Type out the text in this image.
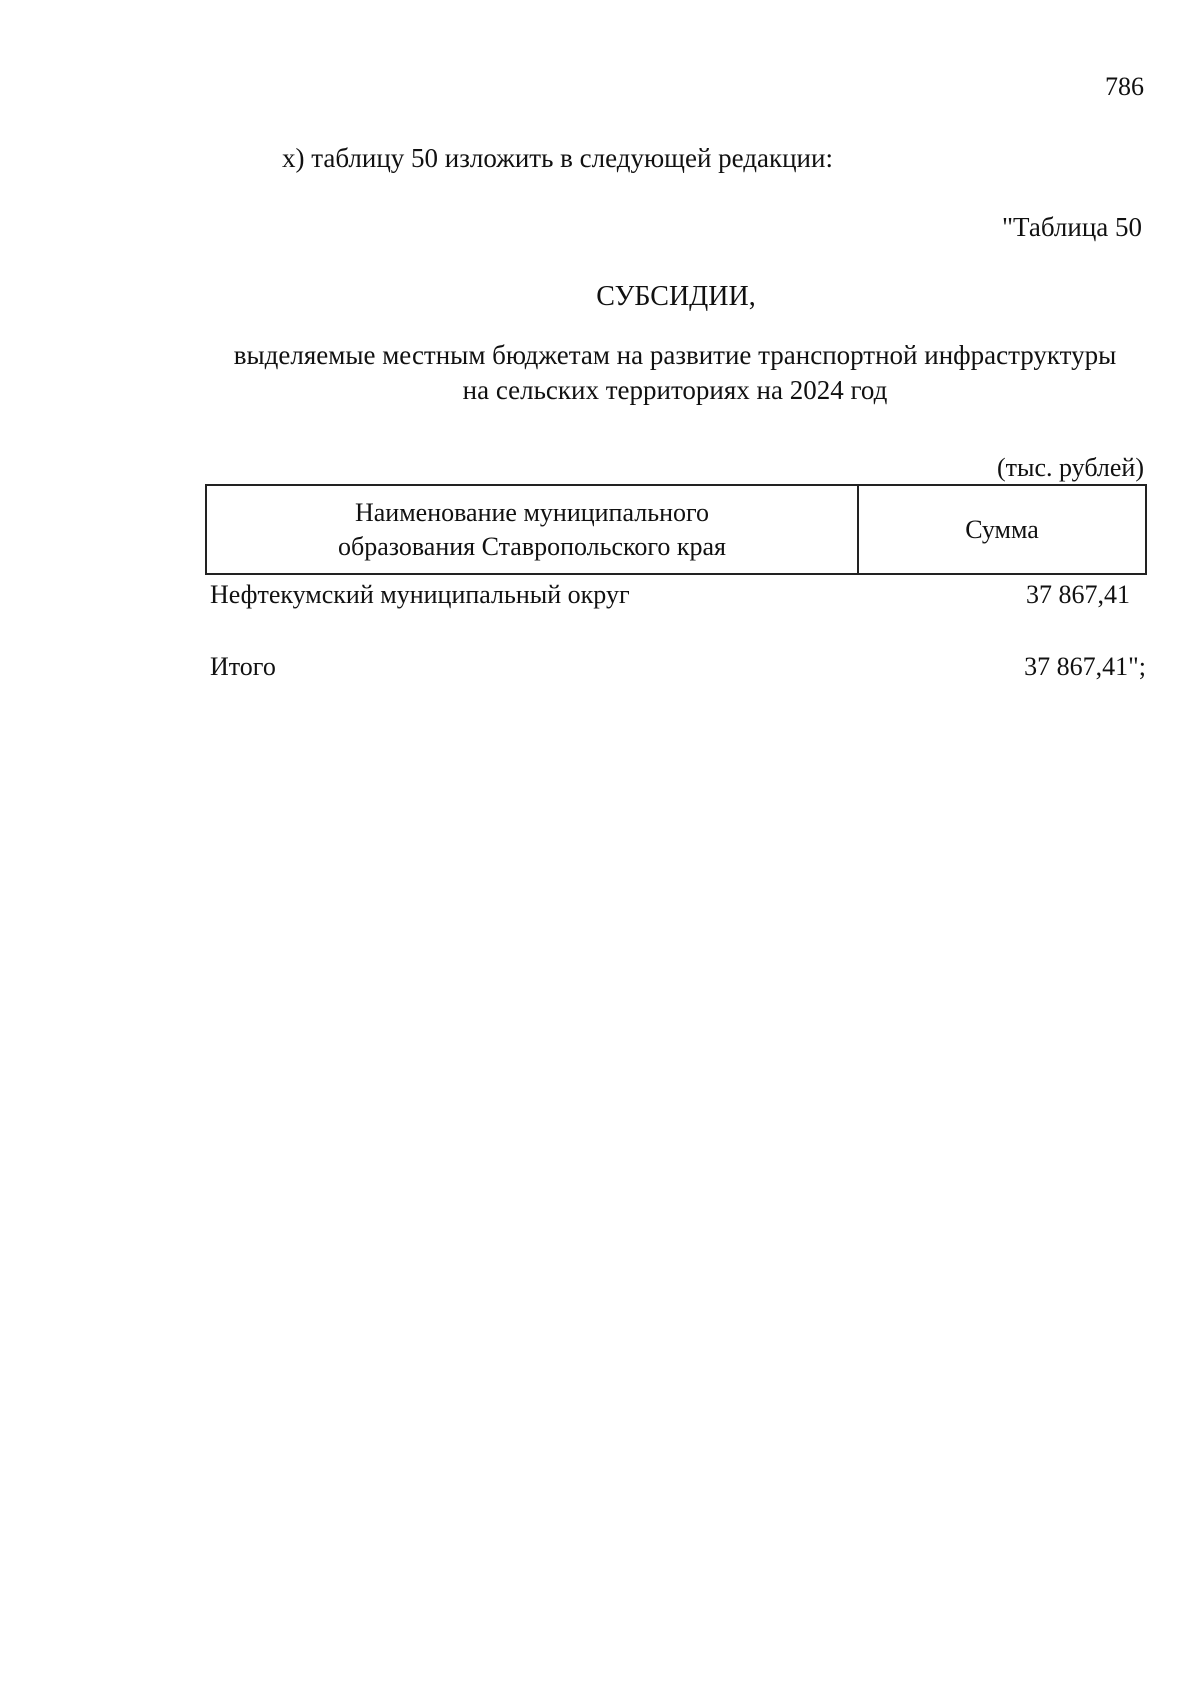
786
х) таблицу 50 изложить в следующей редакции:
"Таблица 50
СУБСИДИИ,
выделяемые местным бюджетам на развитие транспортной инфраструктуры
на сельских территориях на 2024 год
(тыс. рублей)
Наименование муниципального
образования Ставропольского края
Сумма
Нефтекумский муниципальный округ	37 867,41
Итого	37 867,41";
